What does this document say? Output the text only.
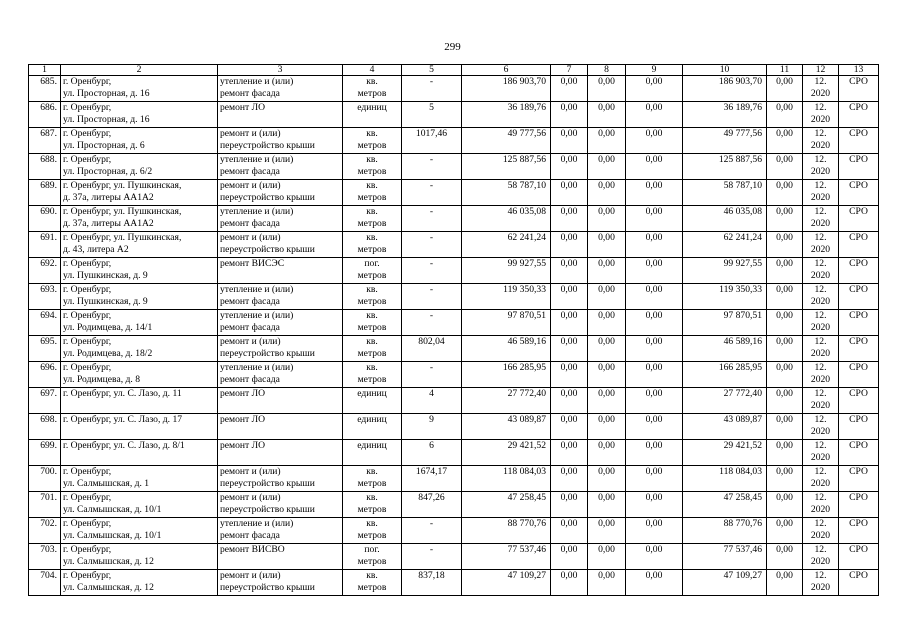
299
1	2	3	4	5	6	7	8	9	10	11	12	13
685.	г. Оренбург,
ул. Просторная, д. 16	утепление и (или)
ремонт фасада	кв.
метров	-	186 903,70	0,00	0,00	0,00	186 903,70	0,00	12.
2020	СРО
686.	г. Оренбург,
ул. Просторная, д. 16	ремонт ЛО	единиц	5	36 189,76	0,00	0,00	0,00	36 189,76	0,00	12.
2020	СРО
687.	г. Оренбург,
ул. Просторная, д. 6	ремонт и (или)
переустройство крыши	кв.
метров	1017,46	49 777,56	0,00	0,00	0,00	49 777,56	0,00	12.
2020	СРО
688.	г. Оренбург,
ул. Просторная, д. 6/2	утепление и (или)
ремонт фасада	кв.
метров	-	125 887,56	0,00	0,00	0,00	125 887,56	0,00	12.
2020	СРО
689.	г. Оренбург, ул. Пушкинская,
д. 37а, литеры АА1А2	ремонт и (или)
переустройство крыши	кв.
метров	-	58 787,10	0,00	0,00	0,00	58 787,10	0,00	12.
2020	СРО
690.	г. Оренбург, ул. Пушкинская,
д. 37а, литеры АА1А2	утепление и (или)
ремонт фасада	кв.
метров	-	46 035,08	0,00	0,00	0,00	46 035,08	0,00	12.
2020	СРО
691.	г. Оренбург, ул. Пушкинская,
д. 43, литера А2	ремонт и (или)
переустройство крыши	кв.
метров	-	62 241,24	0,00	0,00	0,00	62 241,24	0,00	12.
2020	СРО
692.	г. Оренбург,
ул. Пушкинская, д. 9	ремонт ВИСЭС	пог.
метров	-	99 927,55	0,00	0,00	0,00	99 927,55	0,00	12.
2020	СРО
693.	г. Оренбург,
ул. Пушкинская, д. 9	утепление и (или)
ремонт фасада	кв.
метров	-	119 350,33	0,00	0,00	0,00	119 350,33	0,00	12.
2020	СРО
694.	г. Оренбург,
ул. Родимцева, д. 14/1	утепление и (или)
ремонт фасада	кв.
метров	-	97 870,51	0,00	0,00	0,00	97 870,51	0,00	12.
2020	СРО
695.	г. Оренбург,
ул. Родимцева, д. 18/2	ремонт и (или)
переустройство крыши	кв.
метров	802,04	46 589,16	0,00	0,00	0,00	46 589,16	0,00	12.
2020	СРО
696.	г. Оренбург,
ул. Родимцева, д. 8	утепление и (или)
ремонт фасада	кв.
метров	-	166 285,95	0,00	0,00	0,00	166 285,95	0,00	12.
2020	СРО
697.	г. Оренбург, ул. С. Лазо, д. 11	ремонт ЛО	единиц	4	27 772,40	0,00	0,00	0,00	27 772,40	0,00	12.
2020	СРО
698.	г. Оренбург, ул. С. Лазо, д. 17	ремонт ЛО	единиц	9	43 089,87	0,00	0,00	0,00	43 089,87	0,00	12.
2020	СРО
699.	г. Оренбург, ул. С. Лазо, д. 8/1	ремонт ЛО	единиц	6	29 421,52	0,00	0,00	0,00	29 421,52	0,00	12.
2020	СРО
700.	г. Оренбург,
ул. Салмышская, д. 1	ремонт и (или)
переустройство крыши	кв.
метров	1674,17	118 084,03	0,00	0,00	0,00	118 084,03	0,00	12.
2020	СРО
701.	г. Оренбург,
ул. Салмышская, д. 10/1	ремонт и (или)
переустройство крыши	кв.
метров	847,26	47 258,45	0,00	0,00	0,00	47 258,45	0,00	12.
2020	СРО
702.	г. Оренбург,
ул. Салмышская, д. 10/1	утепление и (или)
ремонт фасада	кв.
метров	-	88 770,76	0,00	0,00	0,00	88 770,76	0,00	12.
2020	СРО
703.	г. Оренбург,
ул. Салмышская, д. 12	ремонт ВИСВО	пог.
метров	-	77 537,46	0,00	0,00	0,00	77 537,46	0,00	12.
2020	СРО
704.	г. Оренбург,
ул. Салмышская, д. 12	ремонт и (или)
переустройство крыши	кв.
метров	837,18	47 109,27	0,00	0,00	0,00	47 109,27	0,00	12.
2020	СРО
